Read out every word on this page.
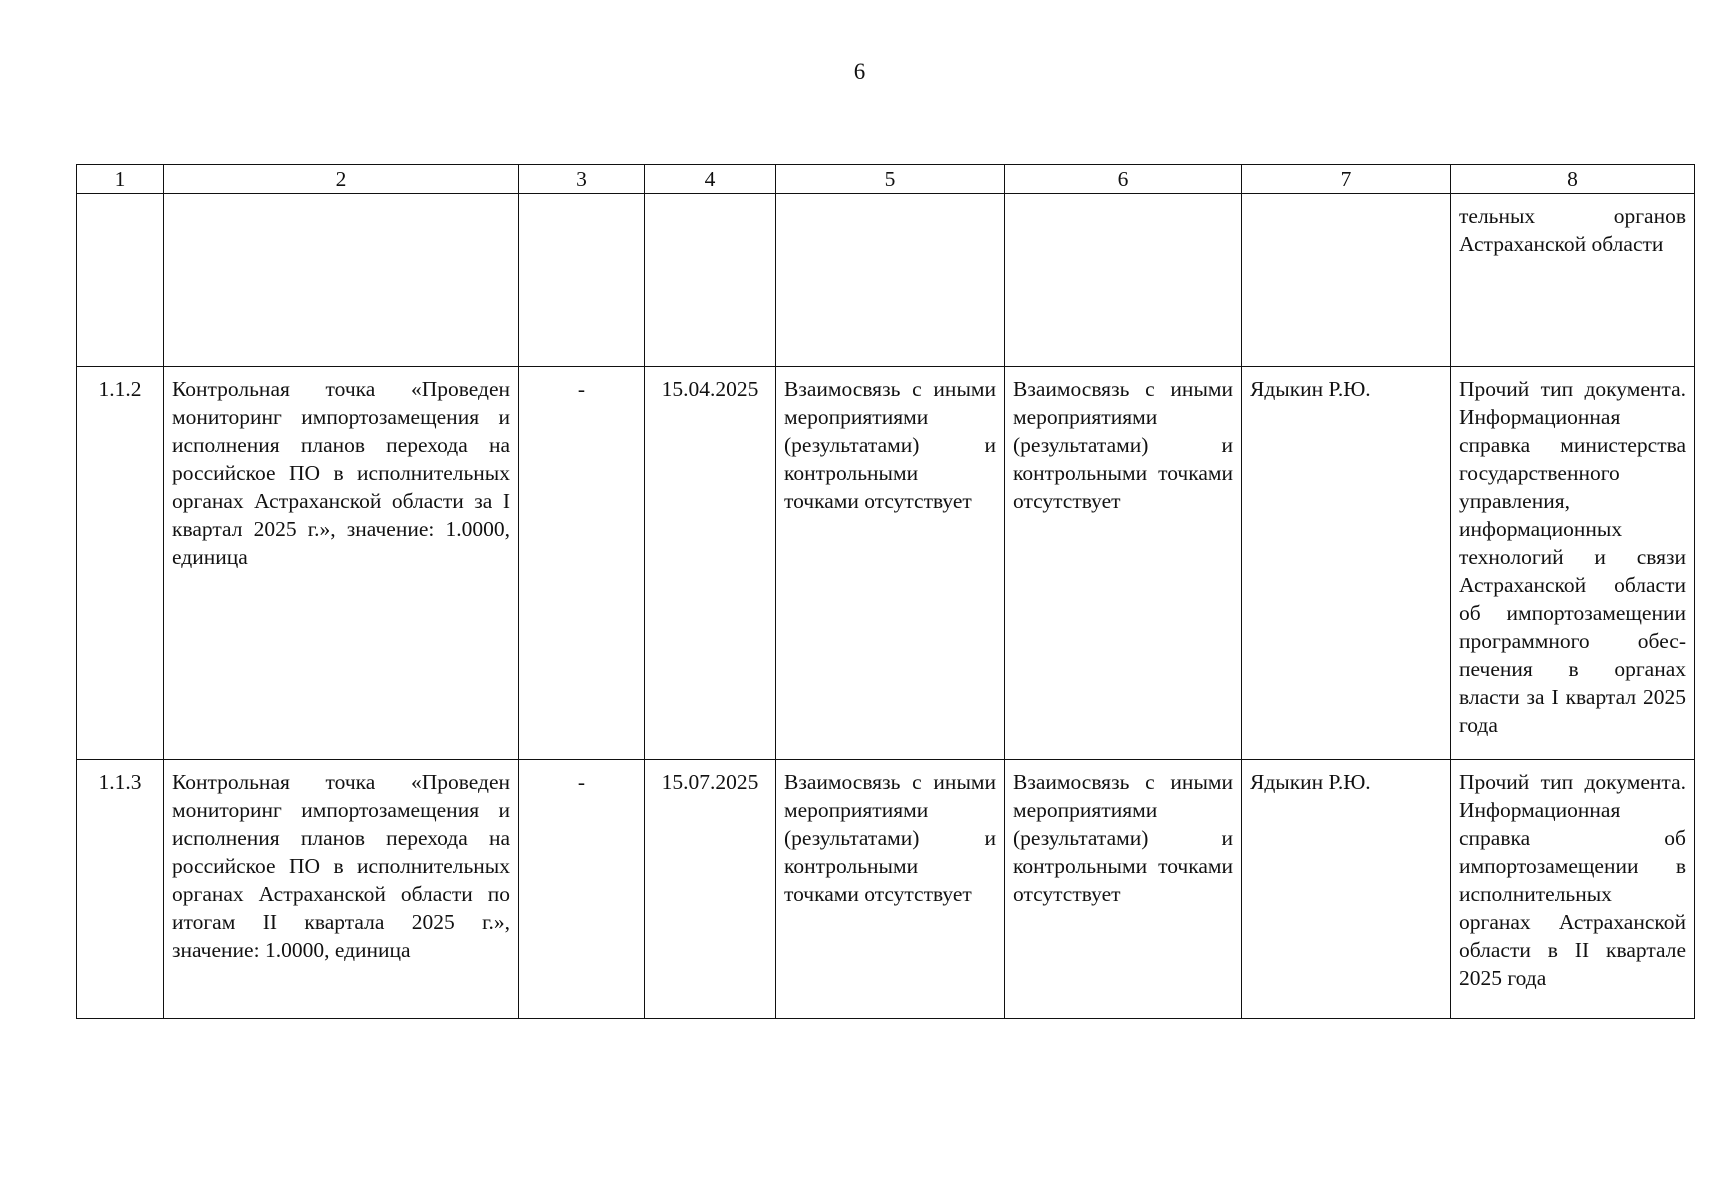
6
1	2	3	4	5	6	7	8
							тельных органов Астраханской области
1.1.2	Контрольная точка «Проведен мониторинг импортозамещения и исполнения планов перехода на российское ПО в исполнительных органах Астраханской области за I квартал 2025 г.», значение: 1.0000, единица	-	15.04.2025	Взаимосвязь с иными мероприятиями (результатами) и контрольными точками отсутствует	Взаимосвязь с иными мероприятиями (результатами) и контрольными точками отсутствует	Ядыкин Р.Ю.	Прочий тип документа. Информационная справка министерства государственного управления, информационных технологий и связи Астраханской области об импортозамещении программного обеспечения в органах власти за I квартал 2025 года
1.1.3	Контрольная точка «Проведен мониторинг импортозамещения и исполнения планов перехода на российское ПО в исполнительных органах Астраханской области по итогам II квартала 2025 г.», значение: 1.0000, единица	-	15.07.2025	Взаимосвязь с иными мероприятиями (результатами) и контрольными точками отсутствует	Взаимосвязь с иными мероприятиями (результатами) и контрольными точками отсутствует	Ядыкин Р.Ю.	Прочий тип документа. Информационная справка об импортозамещении в исполнительных органах Астраханской области в II квартале 2025 года
